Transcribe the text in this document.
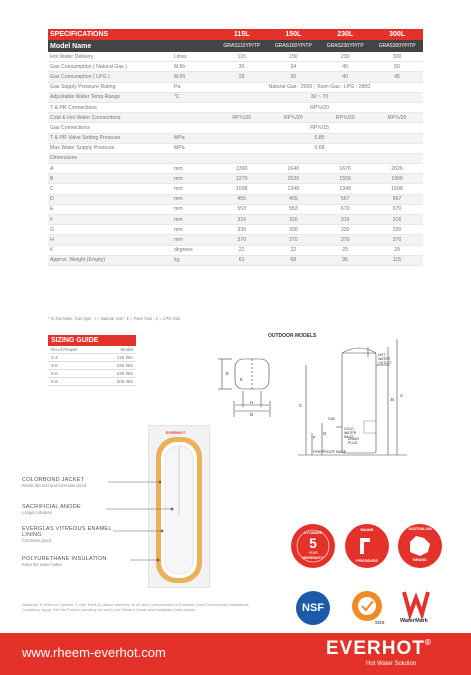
SPECIFICATIONS		115L	150L	230L	300L
Model Name		GRAS115YP/TP	GRAS150YP/TP	GRAS230YP/TP	GRAS300YP/TP
Hot Water Delivery	Litres	115	150	230	300
Gas Consumption ( Natural Gas )	MJ/h	30	34	45	50
Gas Consumption ( LPG )	MJ/h	25	30	40	45
Gas Supply Pressure Rating	Pa	Natural Gas : 2000 ; Town Gas : LPG : 2800			
Adjustable Water Temp Range	°C	30 ~ 70			
T & PR Connections		RP¾/20			
Cold & Hot Water Connections		RP¾/20	RP¾/20	RP¾/20	RP¾/20
Gas Connections		RP¾/15			
T & PR Valve Setting Pressure	MPa	0.85			
Max Water Supply Pressure	MPa	0.68			
Dimensions					
A	mm	1390	1640	1676	2026
B	mm	1270	1520	1556	1906
C	mm	1098	1348	1348	1698
D	mm	455	455	567	567
E	mm	553	553	670	670
F	mm	316	316	316	316
G	mm	330	330	330	330
H	mm	370	370	370	370
K	degrees	22	22	29	29
Approx. Weight (Empty)	kg	61	68	95	115
* In this table, Gas type : Ⅰ = Natural Gas ; Ⅱ = Town Gas ; Ⅴ = LPG Gas
SIZING GUIDE
No.of People	Model
3-4	115 litre
4-5	150 litre
5-6	230 litre
6-8	300 litre
OUTDOOR MODELS
E
K
H
D
C
B
A
F
G
HOT WATER OUTLET
COLD WATER INLET
GAS
DRAIN PLUG
FIREPROOF BASE
EVERHOT
COLORBOND JACKET
Resist dirt rust and corrosion proof
SACRIFICIAL ANODE
Longer Lifespan
EVERGLAS VITREOUS ENAMEL LINING
Corrosion proof
POLYURETHANE INSULATION
Keep the water hotter
CYLINDER
5
YEAR
WARRANTY
MAINS
PRESSURE
AUSTRALIAN
BRAND
NSF
SGS	WaterMark
Warranty: 5 Years on Cylinder, 1 Year Parts & Labour warranty on all other components for Domestic (non-Commercial) installations. Conditions apply. See the Everhot warranty set out in the Owner's Guide and Installation Instructions.
www.rheem-everhot.com	EVERHOT®
Hot Water Solution
